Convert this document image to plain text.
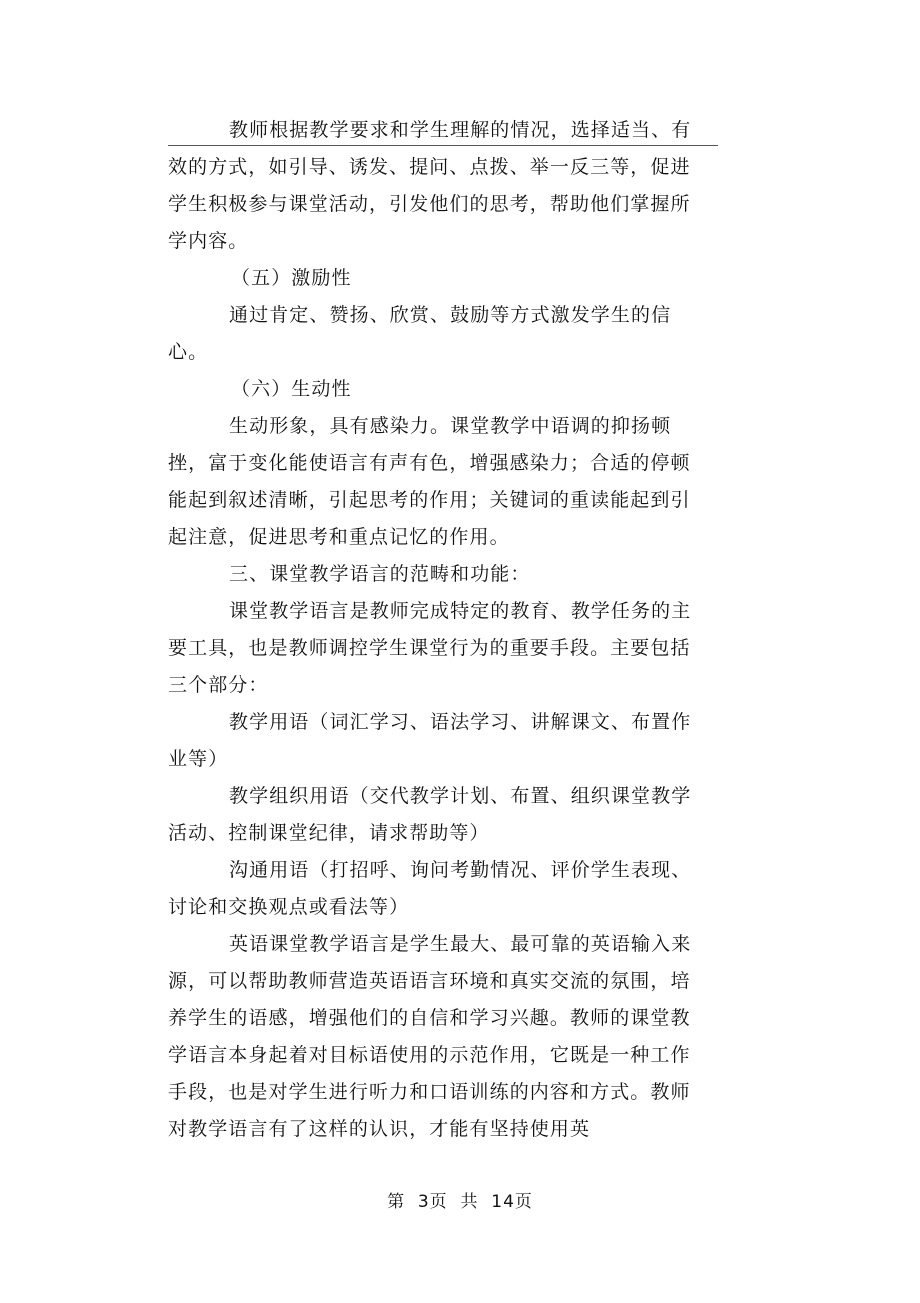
教师根据教学要求和学生理解的情况，选择适当、有效的方式，如引导、诱发、提问、点拨、举一反三等，促进学生积极参与课堂活动，引发他们的思考，帮助他们掌握所学内容。

（五）激励性

通过肯定、赞扬、欣赏、鼓励等方式激发学生的信心。

（六）生动性

生动形象，具有感染力。课堂教学中语调的抑扬顿挫，富于变化能使语言有声有色，增强感染力；合适的停顿能起到叙述清晰，引起思考的作用；关键词的重读能起到引起注意，促进思考和重点记忆的作用。

三、课堂教学语言的范畴和功能：

课堂教学语言是教师完成特定的教育、教学任务的主要工具，也是教师调控学生课堂行为的重要手段。主要包括三个部分：

教学用语（词汇学习、语法学习、讲解课文、布置作业等）

教学组织用语（交代教学计划、布置、组织课堂教学活动、控制课堂纪律，请求帮助等）

沟通用语（打招呼、询问考勤情况、评价学生表现、讨论和交换观点或看法等）

英语课堂教学语言是学生最大、最可靠的英语输入来源，可以帮助教师营造英语语言环境和真实交流的氛围，培养学生的语感，增强他们的自信和学习兴趣。教师的课堂教学语言本身起着对目标语使用的示范作用，它既是一种工作手段，也是对学生进行听力和口语训练的内容和方式。教师对教学语言有了这样的认识，才能有坚持使用英

第  3页  共  14页
